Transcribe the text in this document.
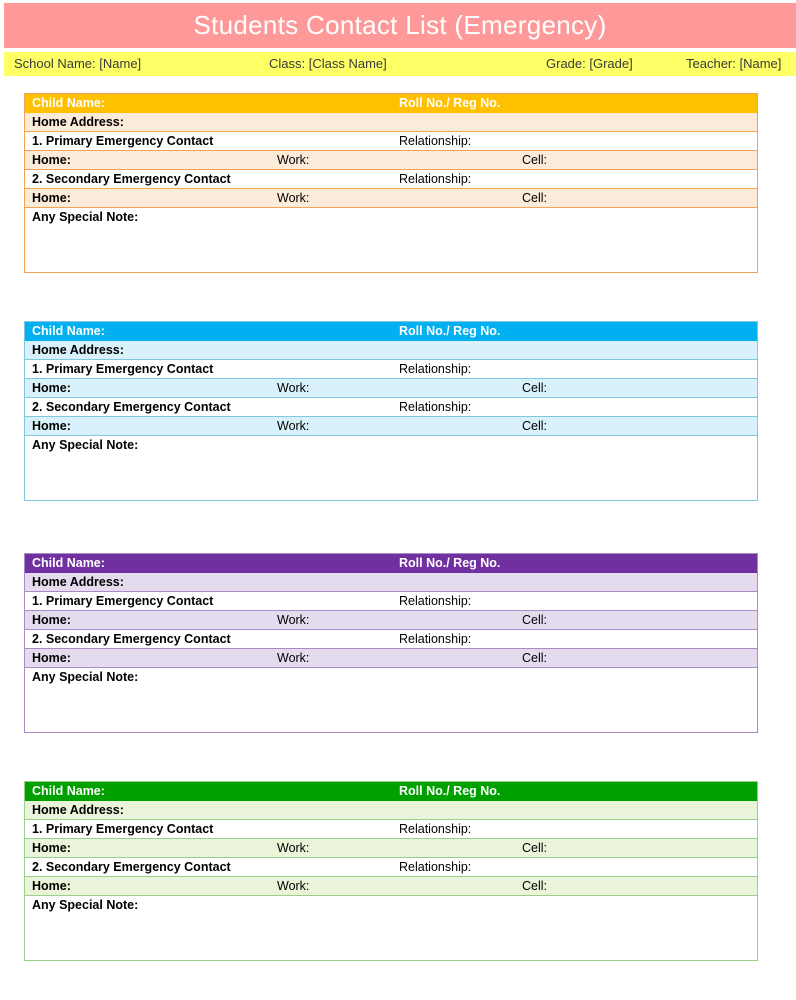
Students Contact List (Emergency)
School Name: [Name]	Class: [Class Name]	Grade: [Grade]	Teacher: [Name]
Child Name:	Roll No./ Reg No.
Home Address:
1. Primary Emergency Contact	Relationship:
Home:	Work:	Cell:
2. Secondary Emergency Contact	Relationship:
Home:	Work:	Cell:
Any Special Note:
Child Name:	Roll No./ Reg No.
Home Address:
1. Primary Emergency Contact	Relationship:
Home:	Work:	Cell:
2. Secondary Emergency Contact	Relationship:
Home:	Work:	Cell:
Any Special Note:
Child Name:	Roll No./ Reg No.
Home Address:
1. Primary Emergency Contact	Relationship:
Home:	Work:	Cell:
2. Secondary Emergency Contact	Relationship:
Home:	Work:	Cell:
Any Special Note:
Child Name:	Roll No./ Reg No.
Home Address:
1. Primary Emergency Contact	Relationship:
Home:	Work:	Cell:
2. Secondary Emergency Contact	Relationship:
Home:	Work:	Cell:
Any Special Note:
